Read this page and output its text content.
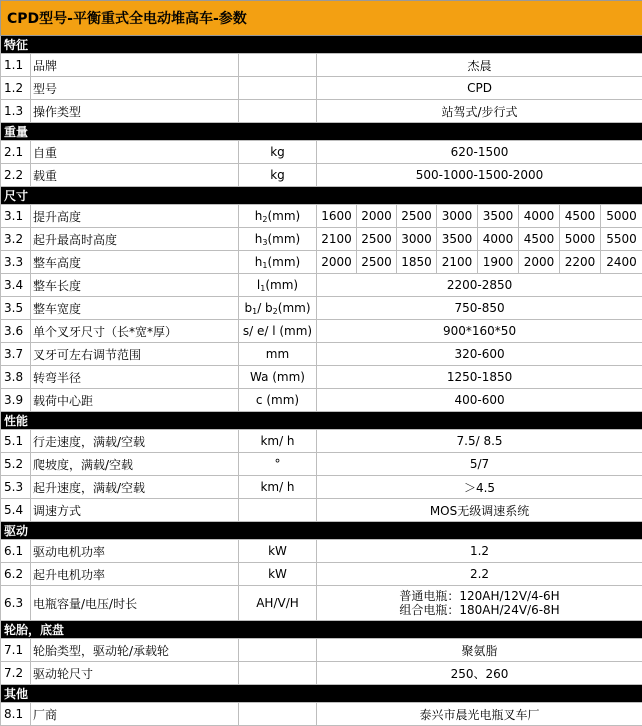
CPD型号-平衡重式全电动堆高车-参数										
特征										
1.1	品牌		杰晨							
1.2	型号		CPD							
1.3	操作类型		站驾式/步行式							
重量										
2.1	自重	kg	620-1500							
2.2	载重	kg	500-1000-1500-2000							
尺寸										
3.1	提升高度	$h_2(mm)$	1600	2000	2500	3000	3500	4000	4500	5000
3.2	起升最高时高度	$h_3(mm)$	2100	2500	3000	3500	4000	4500	5000	5500
3.3	整车高度	$h_1(mm)$	2000	2500	1850	2100	1900	2000	2200	2400
3.4	整车长度	$l_1(mm)$	2200-2850							
3.5	整车宽度	$b_1/$ $b_2(mm)$	750-850							
3.6	单个叉牙尺寸（长*宽*厚）	s/ e/ l (mm)	900*160*50							
3.7	叉牙可左右调节范围	mm	320-600							
3.8	转弯半径	Wa (mm)	1250-1850							
3.9	载荷中心距	c (mm)	400-600							
性能										
5.1	行走速度，满载/空载	km/ h	7.5/ 8.5							
5.2	爬坡度，满载/空载	°	5/7							
5.3	起升速度，满载/空载	km/ h	＞4.5							
5.4	调速方式		MOS无级调速系统							
驱动										
6.1	驱动电机功率	kW	1.2							
6.2	起升电机功率	kW	2.2							
6.3	电瓶容量/电压/时长	AH/V/H	普通电瓶：120AH/12V/4-6H
组合电瓶：180AH/24V/6-8H							

轮胎，底盘										
7.1	轮胎类型，驱动轮/承载轮		聚氨脂							
7.2	驱动轮尺寸		250、260							
其他										
8.1	厂商		泰兴市晨光电瓶叉车厂							
